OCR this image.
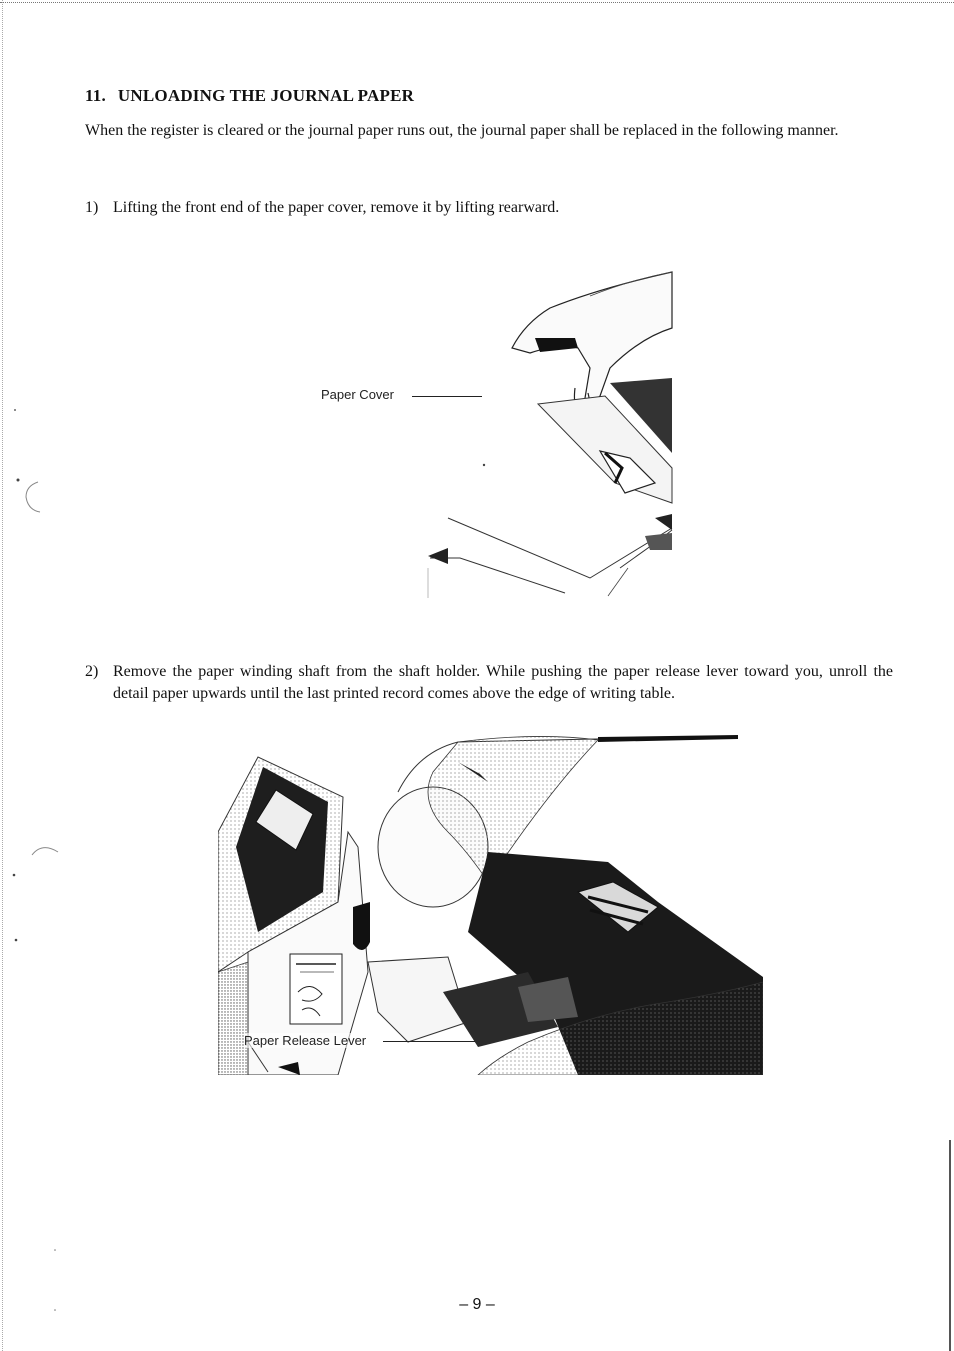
11. UNLOADING THE JOURNAL PAPER
When the register is cleared or the journal paper runs out, the journal paper shall be replaced in the following manner.
1) Lifting the front end of the paper cover, remove it by lifting rearward.
Paper Cover
2) Remove the paper winding shaft from the shaft holder. While pushing the paper release lever toward you, unroll the detail paper upwards until the last printed record comes above the edge of writing table.
Paper Release Lever
– 9 –
